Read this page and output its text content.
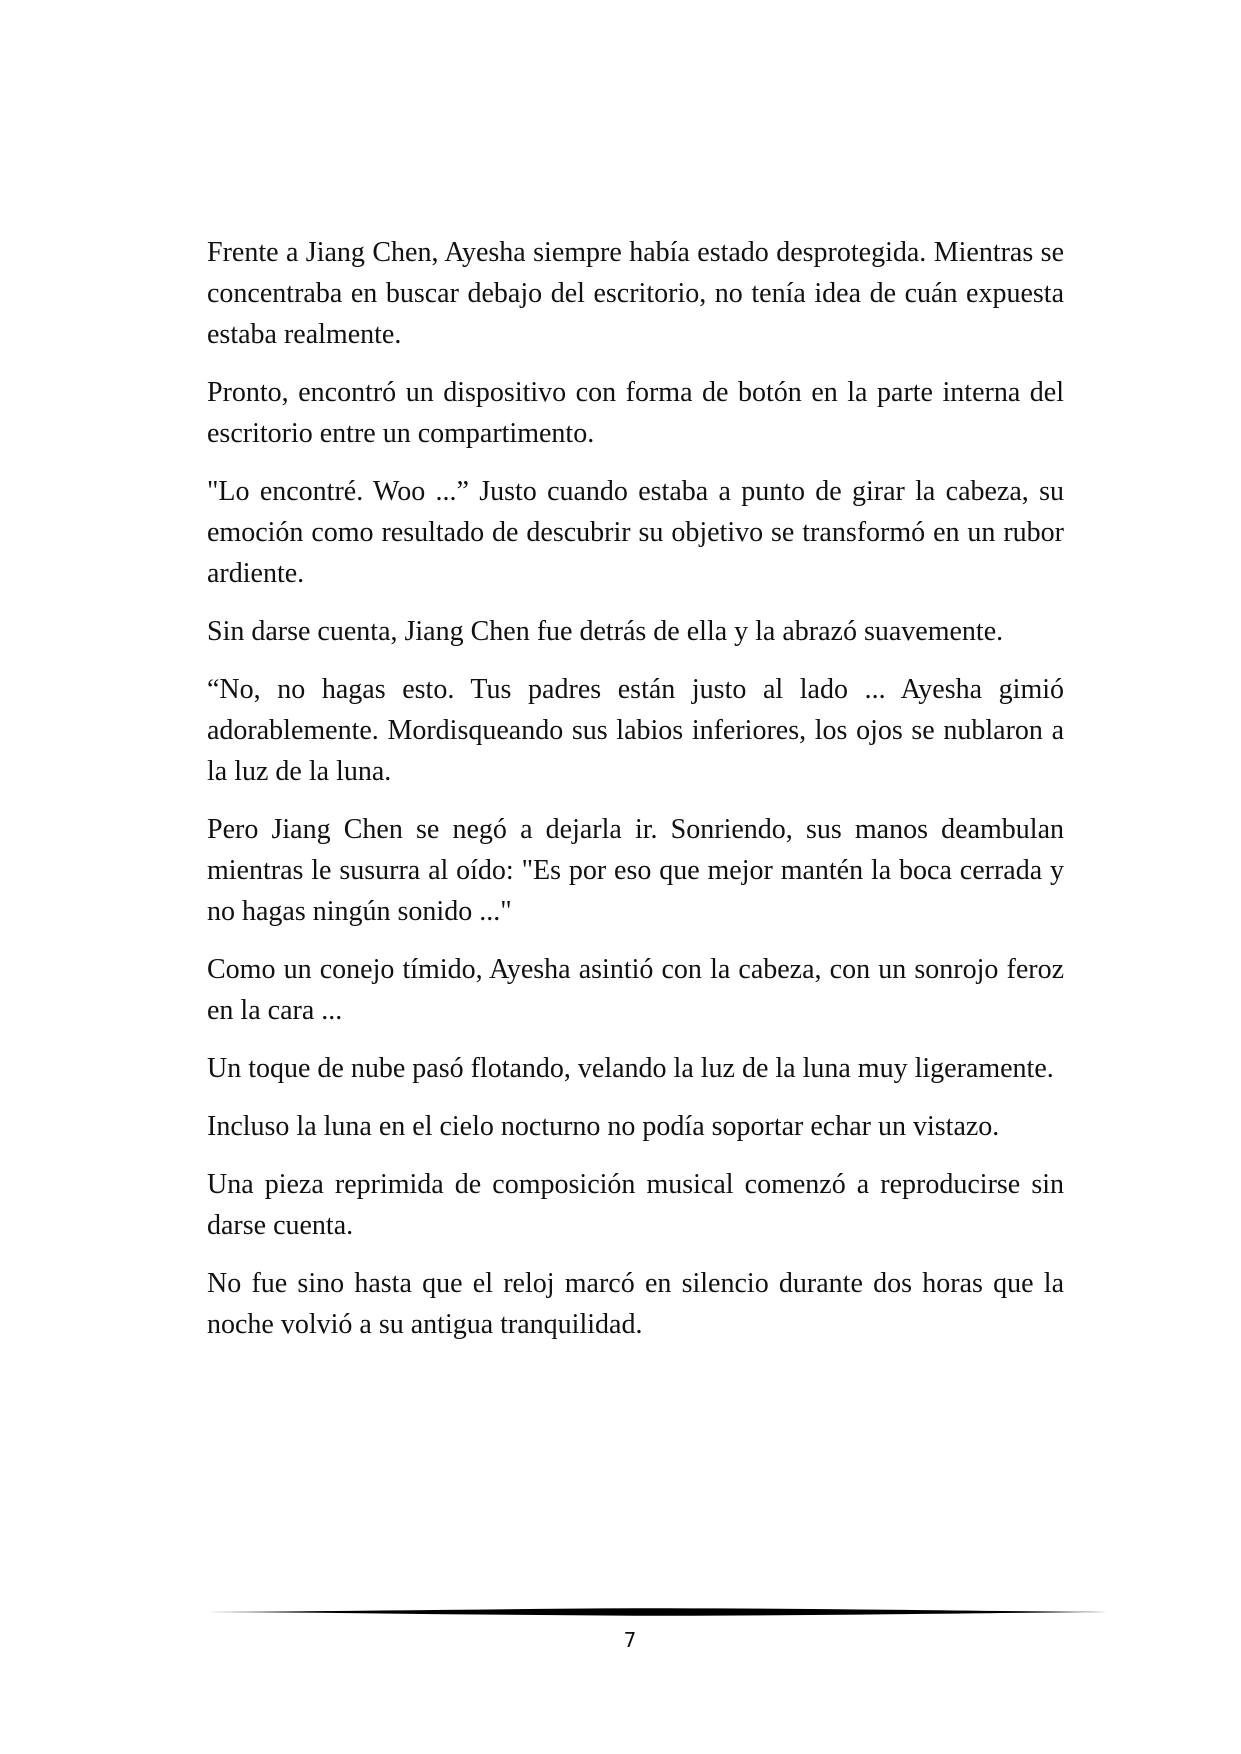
Frente a Jiang Chen, Ayesha siempre había estado desprotegida. Mientras se concentraba en buscar debajo del escritorio, no tenía idea de cuán expuesta estaba realmente.

Pronto, encontró un dispositivo con forma de botón en la parte interna del escritorio entre un compartimento.

"Lo encontré. Woo ...” Justo cuando estaba a punto de girar la cabeza, su emoción como resultado de descubrir su objetivo se transformó en un rubor ardiente.

Sin darse cuenta, Jiang Chen fue detrás de ella y la abrazó suavemente.

“No, no hagas esto. Tus padres están justo al lado ... Ayesha gimió adorablemente. Mordisqueando sus labios inferiores, los ojos se nublaron a la luz de la luna.

Pero Jiang Chen se negó a dejarla ir. Sonriendo, sus manos deambulan mientras le susurra al oído: "Es por eso que mejor mantén la boca cerrada y no hagas ningún sonido ..."

Como un conejo tímido, Ayesha asintió con la cabeza, con un sonrojo feroz en la cara ...

Un toque de nube pasó flotando, velando la luz de la luna muy ligeramente.

Incluso la luna en el cielo nocturno no podía soportar echar un vistazo.

Una pieza reprimida de composición musical comenzó a reproducirse sin darse cuenta.

No fue sino hasta que el reloj marcó en silencio durante dos horas que la noche volvió a su antigua tranquilidad.

7
